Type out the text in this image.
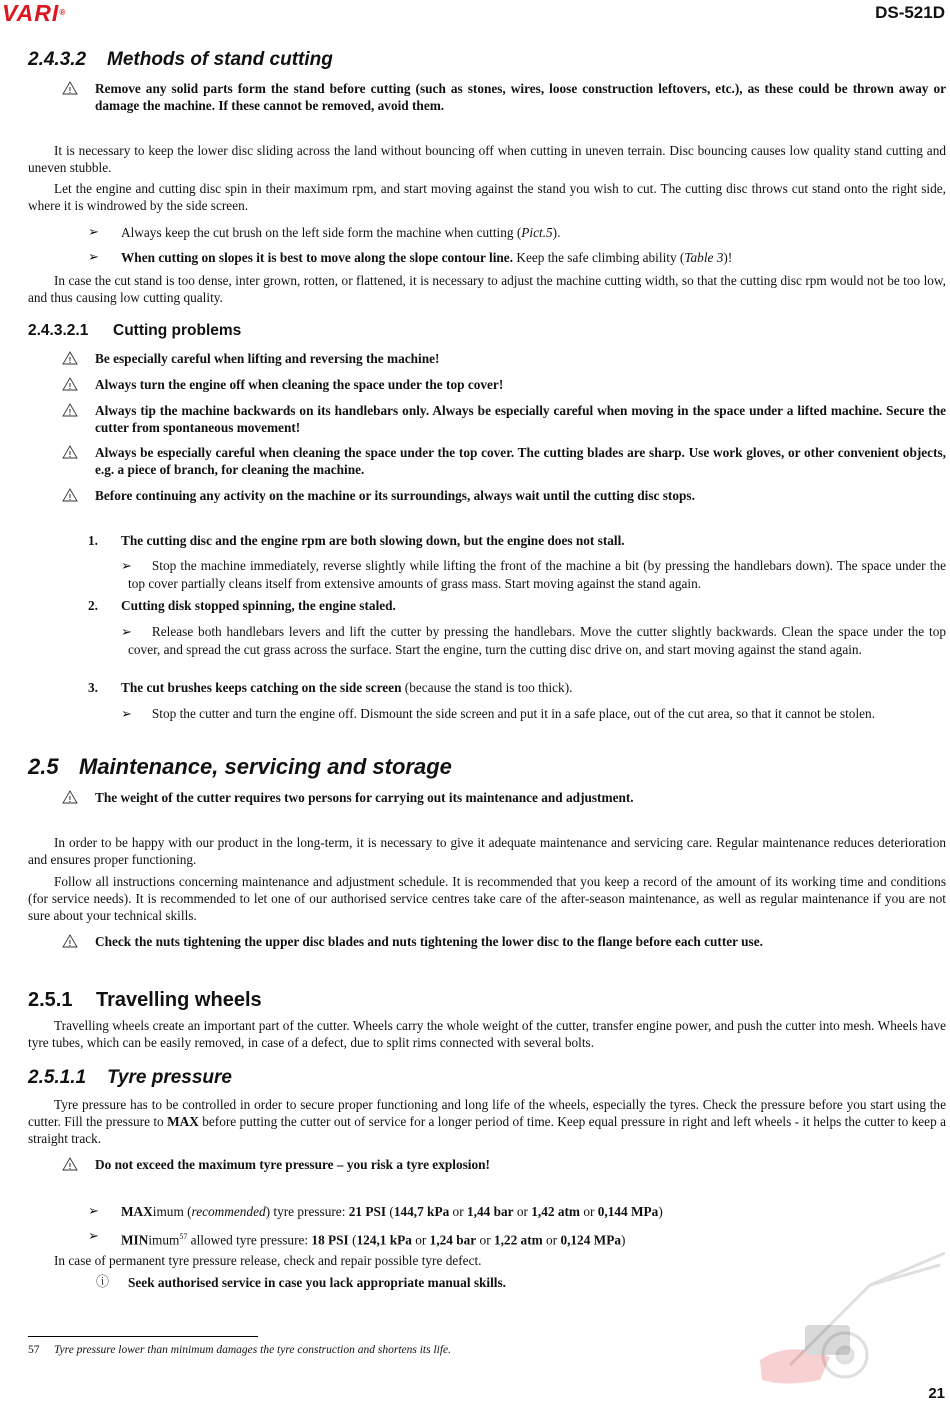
VARI®	DS-521D
2.4.3.2 Methods of stand cutting
! Remove any solid parts form the stand before cutting (such as stones, wires, loose construction leftovers, etc.), as these could be thrown away or damage the machine. If these cannot be removed, avoid them.
It is necessary to keep the lower disc sliding across the land without bouncing off when cutting in uneven terrain. Disc bouncing causes low quality stand cutting and uneven stubble.
Let the engine and cutting disc spin in their maximum rpm, and start moving against the stand you wish to cut. The cutting disc throws cut stand onto the right side, where it is windrowed by the side screen.
➢ Always keep the cut brush on the left side form the machine when cutting (Pict.5).
➢ When cutting on slopes it is best to move along the slope contour line. Keep the safe climbing ability (Table 3)!
In case the cut stand is too dense, inter grown, rotten, or flattened, it is necessary to adjust the machine cutting width, so that the cutting disc rpm would not be too low, and thus causing low cutting quality.
2.4.3.2.1 Cutting problems
! Be especially careful when lifting and reversing the machine!
! Always turn the engine off when cleaning the space under the top cover!
! Always tip the machine backwards on its handlebars only. Always be especially careful when moving in the space under a lifted machine. Secure the cutter from spontaneous movement!
! Always be especially careful when cleaning the space under the top cover. The cutting blades are sharp. Use work gloves, or other convenient objects, e.g. a piece of branch, for cleaning the machine.
! Before continuing any activity on the machine or its surroundings, always wait until the cutting disc stops.
1. The cutting disc and the engine rpm are both slowing down, but the engine does not stall.
➢ Stop the machine immediately, reverse slightly while lifting the front of the machine a bit (by pressing the handlebars down). The space under the top cover partially cleans itself from extensive amounts of grass mass. Start moving against the stand again.
2. Cutting disk stopped spinning, the engine staled.
➢ Release both handlebars levers and lift the cutter by pressing the handlebars. Move the cutter slightly backwards. Clean the space under the top cover, and spread the cut grass across the surface. Start the engine, turn the cutting disc drive on, and start moving against the stand again.
3. The cut brushes keeps catching on the side screen (because the stand is too thick).
➢ Stop the cutter and turn the engine off. Dismount the side screen and put it in a safe place, out of the cut area, so that it cannot be stolen.
2.5 Maintenance, servicing and storage
! The weight of the cutter requires two persons for carrying out its maintenance and adjustment.
In order to be happy with our product in the long-term, it is necessary to give it adequate maintenance and servicing care. Regular maintenance reduces deterioration and ensures proper functioning.
Follow all instructions concerning maintenance and adjustment schedule. It is recommended that you keep a record of the amount of its working time and conditions (for service needs). It is recommended to let one of our authorised service centres take care of the after-season maintenance, as well as regular maintenance if you are not sure about your technical skills.
! Check the nuts tightening the upper disc blades and nuts tightening the lower disc to the flange before each cutter use.
2.5.1 Travelling wheels
Travelling wheels create an important part of the cutter. Wheels carry the whole weight of the cutter, transfer engine power, and push the cutter into mesh. Wheels have tyre tubes, which can be easily removed, in case of a defect, due to split rims connected with several bolts.
2.5.1.1 Tyre pressure
Tyre pressure has to be controlled in order to secure proper functioning and long life of the wheels, especially the tyres. Check the pressure before you start using the cutter. Fill the pressure to MAX before putting the cutter out of service for a longer period of time. Keep equal pressure in right and left wheels - it helps the cutter to keep a straight track.
! Do not exceed the maximum tyre pressure – you risk a tyre explosion!
➢ MAXimum (recommended) tyre pressure: 21 PSI (144,7 kPa or 1,44 bar or 1,42 atm or 0,144 MPa)
➢ MINimum$^{57}$ allowed tyre pressure: 18 PSI (124,1 kPa or 1,24 bar or 1,22 atm or 0,124 MPa)
In case of permanent tyre pressure release, check and repair possible tyre defect.
ⓘ Seek authorised service in case you lack appropriate manual skills.
57 Tyre pressure lower than minimum damages the tyre construction and shortens its life.
21
